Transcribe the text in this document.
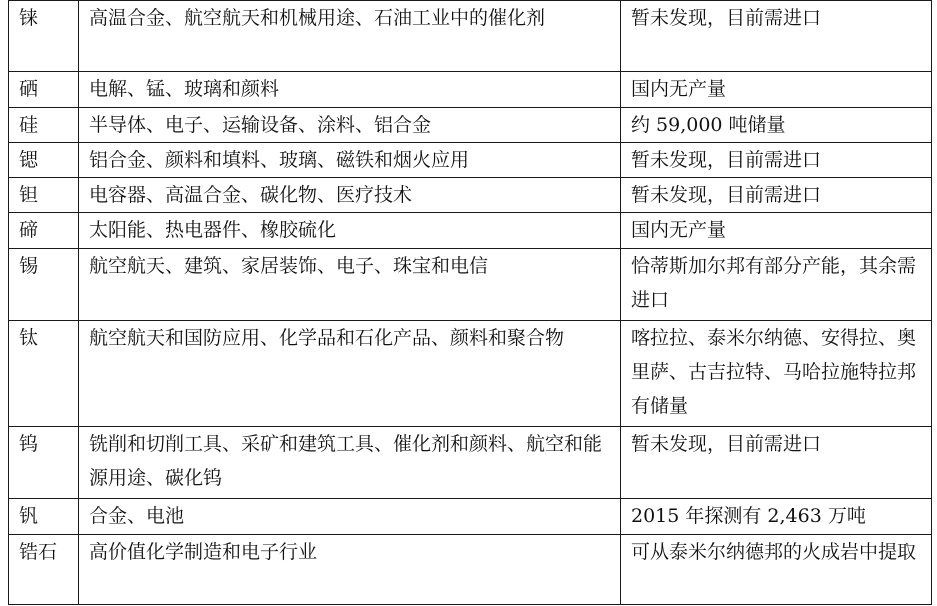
铼	高温合金、航空航天和机械用途、石油工业中的催化剂	暂未发现，目前需进口
硒	电解、锰、玻璃和颜料	国内无产量
硅	半导体、电子、运输设备、涂料、铝合金	约 59,000 吨储量
锶	铝合金、颜料和填料、玻璃、磁铁和烟火应用	暂未发现，目前需进口
钽	电容器、高温合金、碳化物、医疗技术	暂未发现，目前需进口
碲	太阳能、热电器件、橡胶硫化	国内无产量
锡	航空航天、建筑、家居装饰、电子、珠宝和电信	恰蒂斯加尔邦有部分产能，其余需进口
钛	航空航天和国防应用、化学品和石化产品、颜料和聚合物	喀拉拉、泰米尔纳德、安得拉、奥里萨、古吉拉特、马哈拉施特拉邦有储量
钨	铣削和切削工具、采矿和建筑工具、催化剂和颜料、航空和能源用途、碳化钨	暂未发现，目前需进口
钒	合金、电池	2015 年探测有 2,463 万吨
锆石	高价值化学制造和电子行业	可从泰米尔纳德邦的火成岩中提取
